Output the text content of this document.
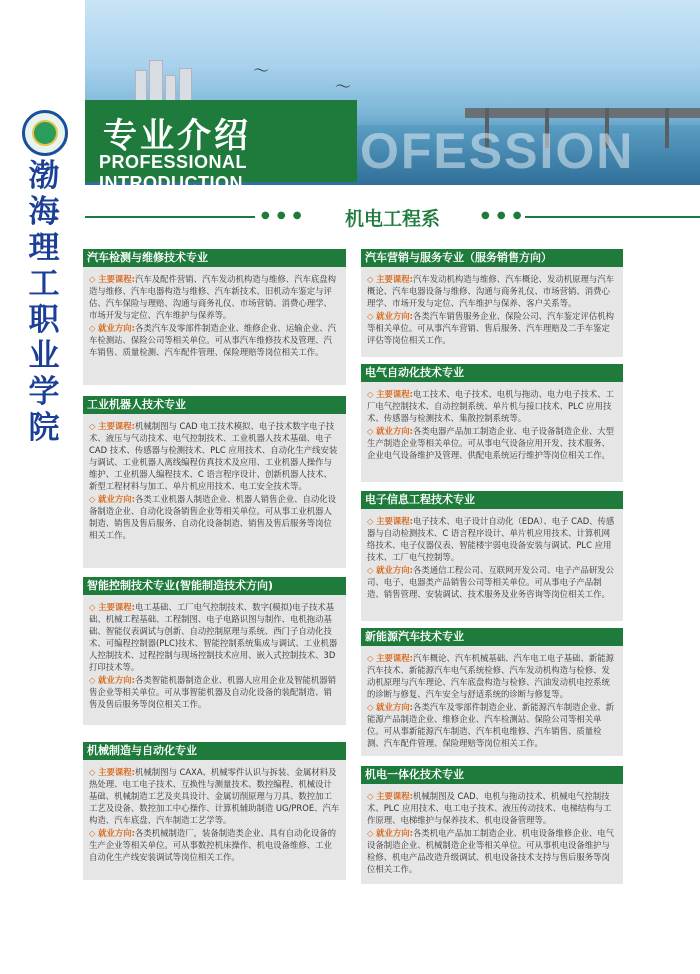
渤海理工职业学院
〜
〜
OFESSION
专业介绍
PROFESSIONAL INTRODUCTION
● ● ●	机电工程系	● ● ●
汽车检测与维修技术专业

◇ 主要课程:汽车及配件营销、汽车发动机构造与维修、汽车底盘构造与维修、汽车电器构造与维修、汽车新技术、旧机动车鉴定与评估、汽车保险与理赔、沟通与商务礼仪、市场营销、消费心理学、市场开发与定位、汽车维护与保养等。

◇ 就业方向:各类汽车及零部件制造企业、维修企业、运输企业、汽车检测站、保险公司等相关单位。可从事汽车维修技术及管理、汽车销售、质量检测、汽车配件管理、保险理赔等岗位相关工作。

工业机器人技术专业

◇ 主要课程:机械制图与 CAD 电工技术模拟、电子技术数字电子技术、液压与气动技术、电气控制技术、工业机器人技术基础、电子 CAD 技术、传感器与检测技术、PLC 应用技术、自动化生产线安装与调试、工业机器人离线编程仿真技术及应用、工业机器人操作与维护、工业机器人编程技术、C 语言程序设计、创新机器人技术、新型工程材料与加工、单片机应用技术、电工安全技术等。

◇ 就业方向:各类工业机器人制造企业、机器人销售企业、自动化设备制造企业、自动化设备销售企业等相关单位。可从事工业机器人制造、销售及售后服务、自动化设备制造、销售及售后服务等岗位相关工作。

智能控制技术专业(智能制造技术方向)

◇ 主要课程:电工基础、工厂电气控制技术、数字(模拟)电子技术基础、机械工程基础、工程制图、电子电路识图与制作、电机拖动基础、智能仪表调试与创新、自动控制原理与系统、西门子自动化技术、可编程控制器(PLC)技术、智能控制系统集成与调试、工业机器人控制技术、过程控制与现场控制技术应用、嵌入式控制技术、3D 打印技术等。

◇ 就业方向:各类智能机器制造企业、机器人应用企业及智能机器销售企业等相关单位。可从事智能机器及自动化设备的装配制造、销售及售后服务等岗位相关工作。

机械制造与自动化专业

◇ 主要课程:机械制图与 CAXA、机械零件认识与拆装、金属材料及热处理、电工电子技术、互换性与测量技术、数控编程、机械设计基础、机械制造工艺及夹具设计、金属切削原理与刀具、数控加工工艺及设备、数控加工中心操作、计算机辅助制造 UG/PROE、汽车构造、汽车底盘、汽车制造工艺学等。

◇ 就业方向:各类机械制造厂，装备制造类企业、具有自动化设备的生产企业等相关单位。可从事数控机床操作、机电设备维修、工业自动化生产线安装调试等岗位相关工作。

汽车营销与服务专业（服务销售方向）

◇ 主要课程:汽车发动机构造与维修、汽车概论、发动机原理与汽车概论、汽车电器设备与维修、沟通与商务礼仪、市场营销、消费心理学、市场开发与定位、汽车维护与保养、客户关系等。

◇ 就业方向:各类汽车销售服务企业、保险公司、汽车鉴定评估机构等相关单位。可从事汽车营销、售后服务、汽车理赔及二手车鉴定评估等岗位相关工作。

电气自动化技术专业

◇ 主要课程:电工技术、电子技术、电机与拖动、电力电子技术、工厂电气控制技术、自动控制系统、单片机与接口技术、PLC 应用技术、传感器与检测技术、集散控制系统等。

◇ 就业方向:各类电器产品加工制造企业、电子设备制造企业、大型生产制造企业等相关单位。可从事电气设备应用开发、技术服务、企业电气设备维护及管理、供配电系统运行维护等岗位相关工作。

电子信息工程技术专业

◇ 主要课程:电子技术、电子设计自动化（EDA）、电子 CAD、传感器与自动检测技术、C 语言程序设计、单片机应用技术、计算机网络技术、电子仪器仪表、智能楼宇弱电设备安装与调试、PLC 应用技术、工厂电气控制等。

◇ 就业方向:各类通信工程公司、互联网开发公司、电子产品研发公司、电子、电器类产品销售公司等相关单位。可从事电子产品制造、销售管理、安装调试、技术服务及业务咨询等岗位相关工作。

新能源汽车技术专业

◇ 主要课程:汽车概论、汽车机械基础、汽车电工电子基础、新能源汽车技术、新能源汽车电气系统检修、汽车发动机构造与检修、发动机原理与汽车理论、汽车底盘构造与检修、汽油发动机电控系统的诊断与修复、汽车安全与舒适系统的诊断与修复等。

◇ 就业方向:各类汽车及零部件制造企业、新能源汽车制造企业、新能源产品制造企业、维修企业、汽车检测站、保险公司等相关单位。可从事新能源汽车制造、汽车机电维修、汽车销售、质量检测、汽车配件管理、保险理赔等岗位相关工作。

机电一体化技术专业

◇ 主要课程:机械制图及 CAD、电机与拖动技术、机械电气控制技术、PLC 应用技术、电工电子技术、液压传动技术、电梯结构与工作原理、电梯维护与保养技术、机电设备管理等。

◇ 就业方向:各类机电产品加工制造企业、机电设备维修企业、电气设备制造企业、机械制造企业等相关单位。可从事机电设备维护与检修、机电产品改造升级调试、机电设备技术支持与售后服务等岗位相关工作。
